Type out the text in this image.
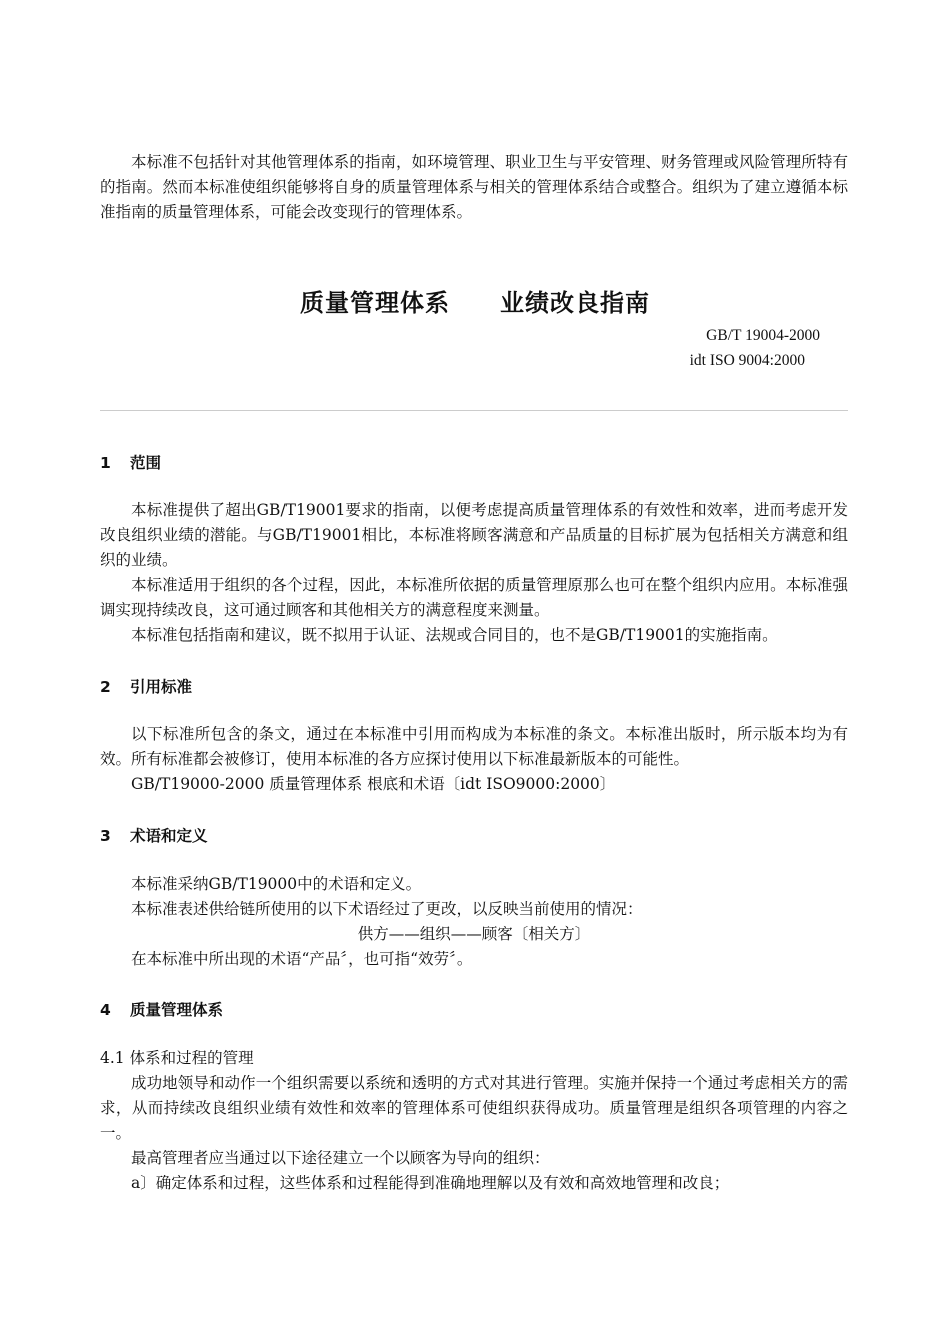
本标准不包括针对其他管理体系的指南，如环境管理、职业卫生与平安管理、财务管理或风险管理所特有的指南。然而本标准使组织能够将自身的质量管理体系与相关的管理体系结合或整合。组织为了建立遵循本标准指南的质量管理体系，可能会改变现行的管理体系。

质量管理体系 业绩改良指南
GB/T 19004-2000
idt ISO 9004:2000
1 范围

本标准提供了超出GB/T19001要求的指南，以便考虑提高质量管理体系的有效性和效率，进而考虑开发改良组织业绩的潜能。与GB/T19001相比，本标准将顾客满意和产品质量的目标扩展为包括相关方满意和组织的业绩。

本标准适用于组织的各个过程，因此，本标准所依据的质量管理原那么也可在整个组织内应用。本标准强调实现持续改良，这可通过顾客和其他相关方的满意程度来测量。

本标准包括指南和建议，既不拟用于认证、法规或合同目的，也不是GB/T19001的实施指南。

2 引用标准

以下标准所包含的条文，通过在本标准中引用而构成为本标准的条文。本标准出版时，所示版本均为有效。所有标准都会被修订，使用本标准的各方应探讨使用以下标准最新版本的可能性。

GB/T19000-2000 质量管理体系 根底和术语〔idt ISO9000:2000〕

3 术语和定义

本标准采纳GB/T19000中的术语和定义。

本标准表述供给链所使用的以下术语经过了更改，以反映当前使用的情况：

供方——组织——顾客〔相关方〕

在本标准中所出现的术语“产品〞，也可指“效劳〞。

4 质量管理体系
4.1 体系和过程的管理

成功地领导和动作一个组织需要以系统和透明的方式对其进行管理。实施并保持一个通过考虑相关方的需求，从而持续改良组织业绩有效性和效率的管理体系可使组织获得成功。质量管理是组织各项管理的内容之一。

最高管理者应当通过以下途径建立一个以顾客为导向的组织：

a〕确定体系和过程，这些体系和过程能得到准确地理解以及有效和高效地管理和改良；
